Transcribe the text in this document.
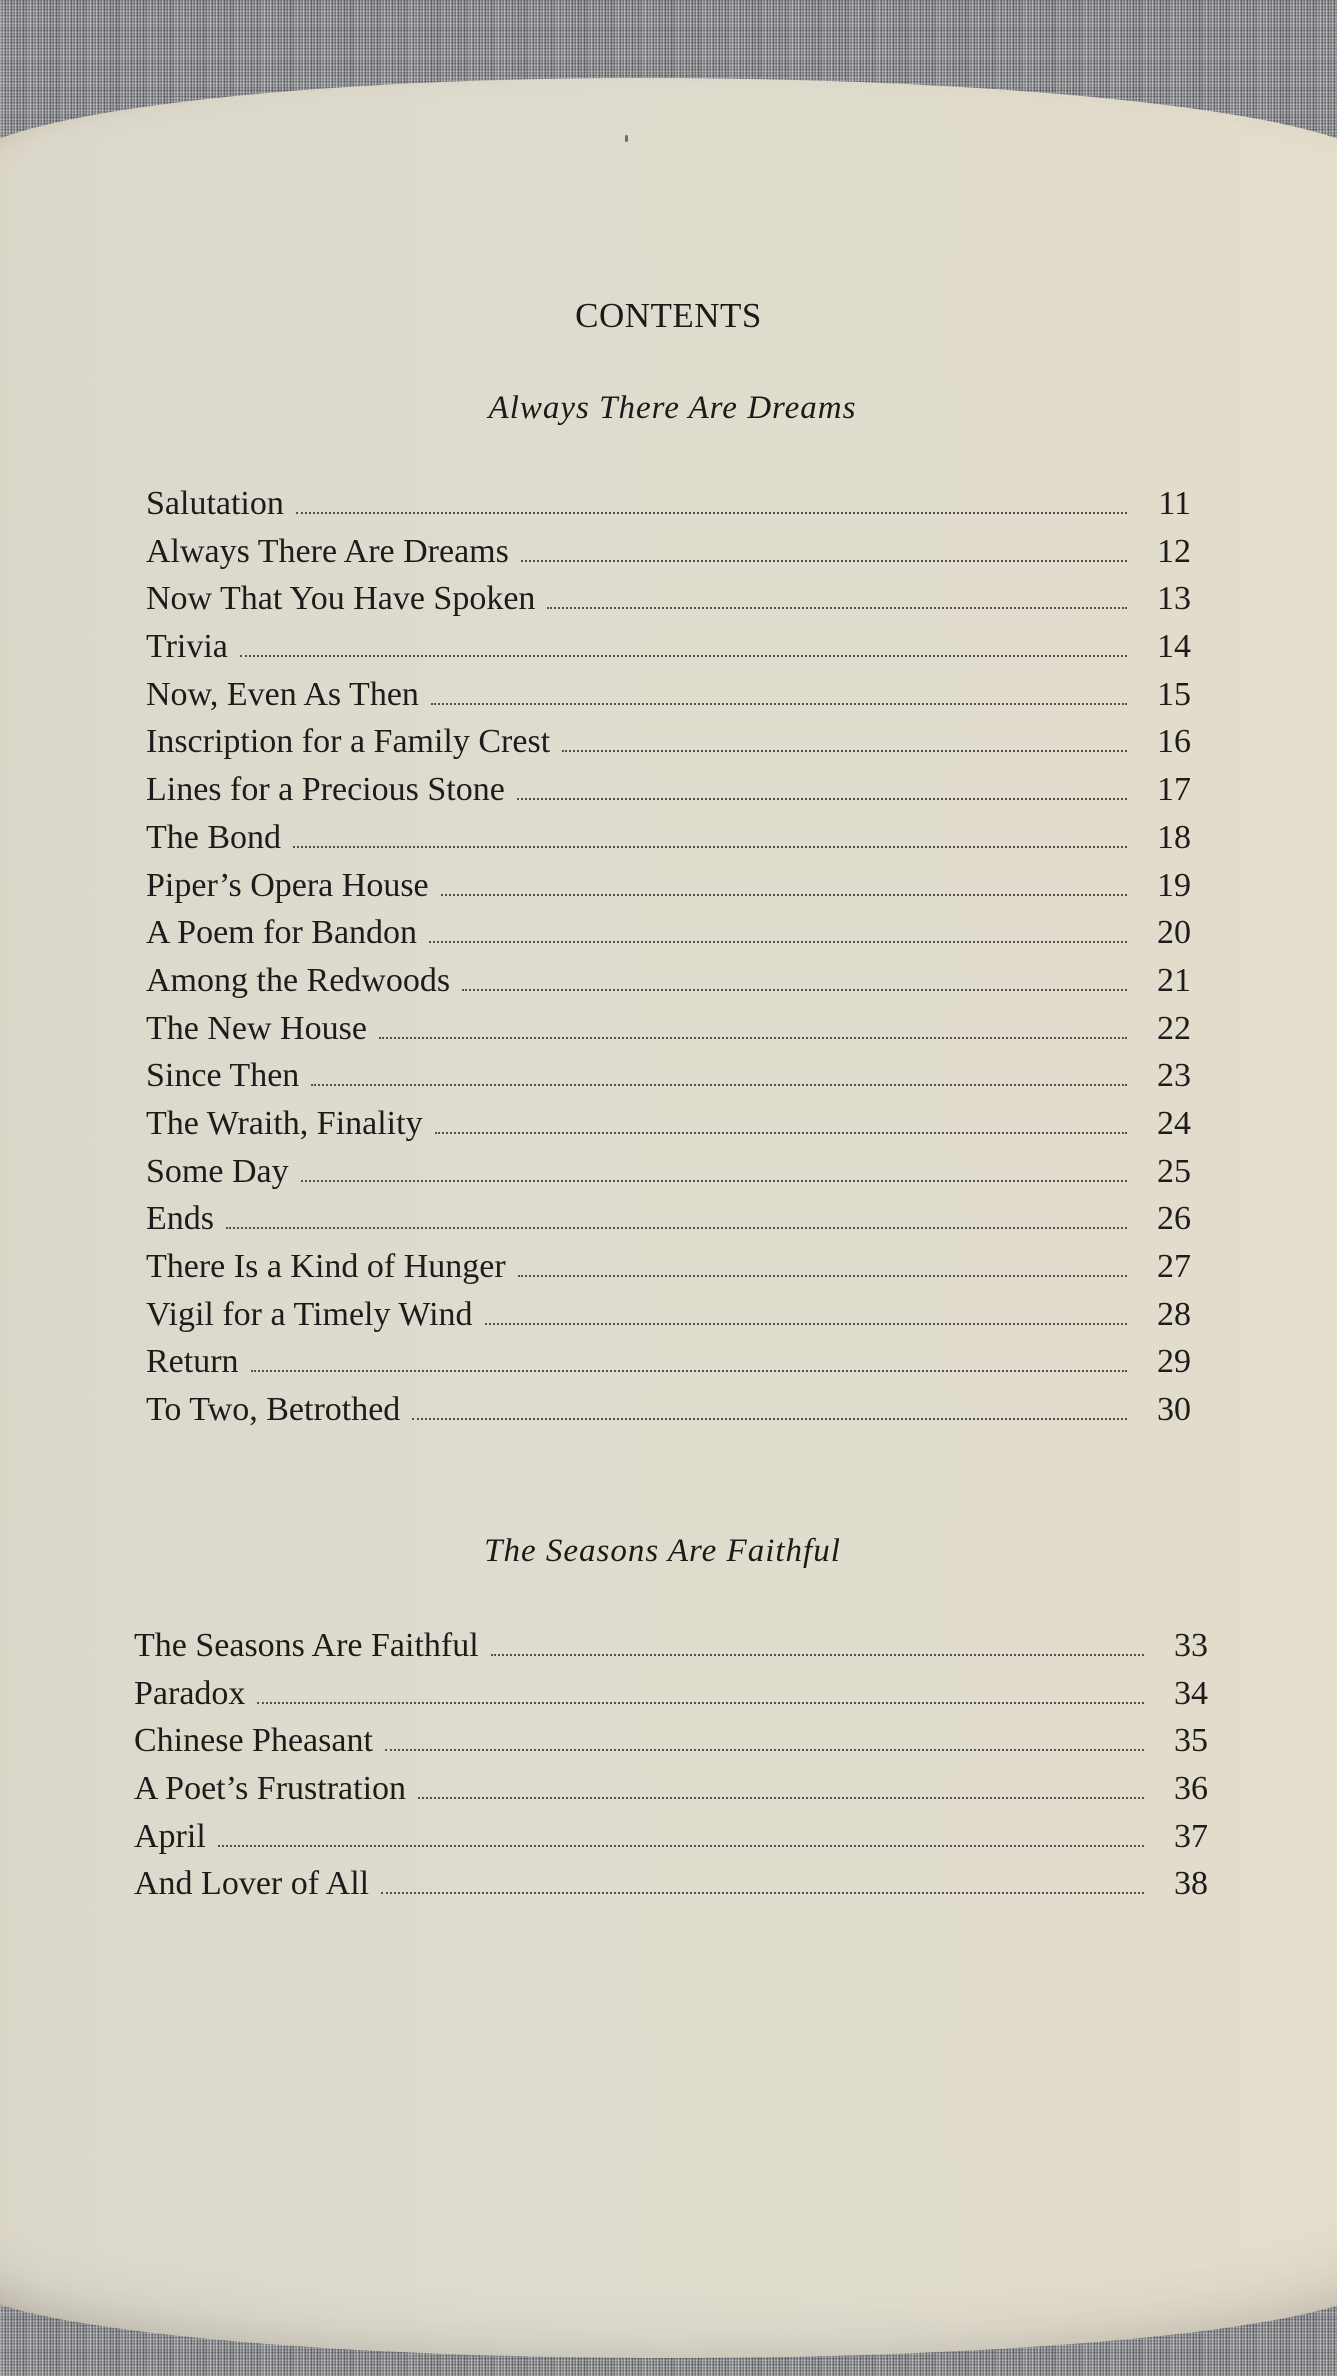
CONTENTS
Always There Are Dreams
Salutation	11
Always There Are Dreams	12
Now That You Have Spoken	13
Trivia	14
Now, Even As Then	15
Inscription for a Family Crest	16
Lines for a Precious Stone	17
The Bond	18
Piper’s Opera House	19
A Poem for Bandon	20
Among the Redwoods	21
The New House	22
Since Then	23
The Wraith, Finality	24
Some Day	25
Ends	26
There Is a Kind of Hunger	27
Vigil for a Timely Wind	28
Return	29
To Two, Betrothed	30
The Seasons Are Faithful
The Seasons Are Faithful	33
Paradox	34
Chinese Pheasant	35
A Poet’s Frustration	36
April	37
And Lover of All	38
